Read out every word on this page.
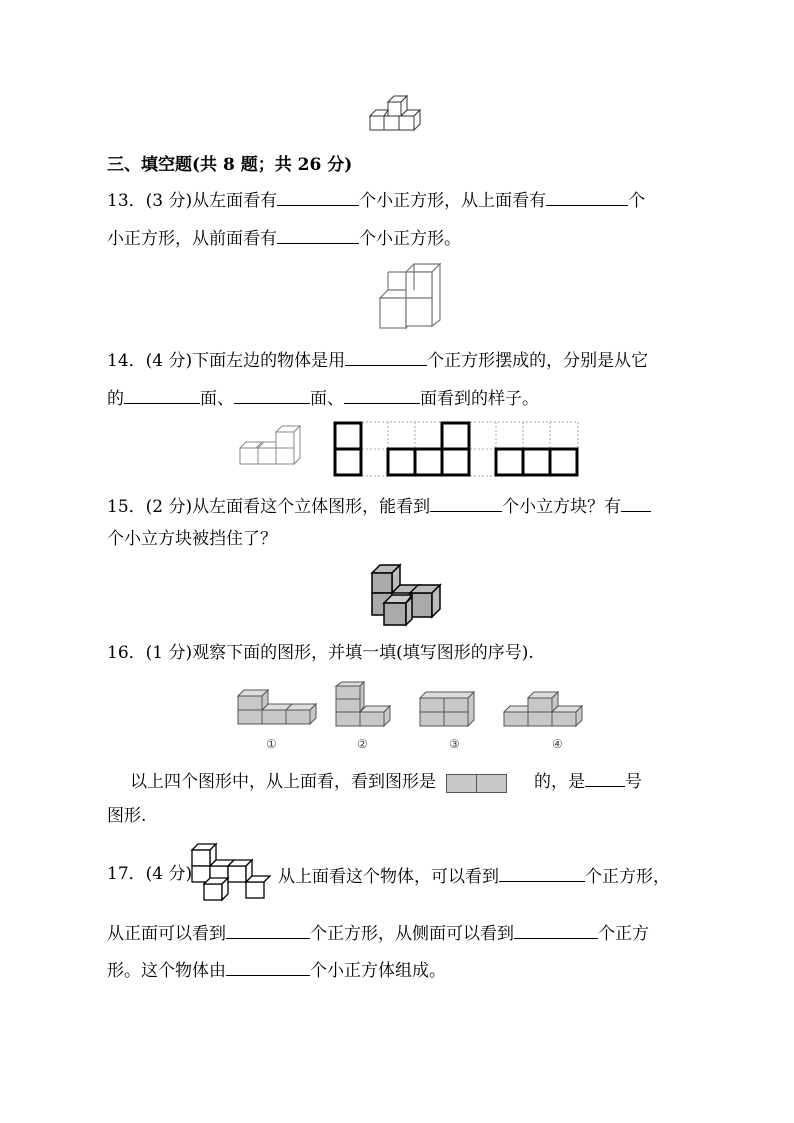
三、填空题(共 8 题；共 26 分)
13．(3 分)从左面看有	个小正方形，从上面看有	个
小正方形，从前面看有	个小正方形。
14．(4 分)下面左边的物体是用	个正方形摆成的，分别是从它
的	面、	面、	面看到的样子。
15．(2 分)从左面看这个立体图形，能看到	个小立方块？有
个小立方块被挡住了？
16．(1 分)观察下面的图形，并填一填(填写图形的序号).
①	②	③	④
以上四个图形中，从上面看，看到图形是	的，是 号
图形.
17．(4 分)	从上面看这个物体，可以看到	个正方形，
从正面可以看到	个正方形，从侧面可以看到	个正方
形。这个物体由	个小正方体组成。
